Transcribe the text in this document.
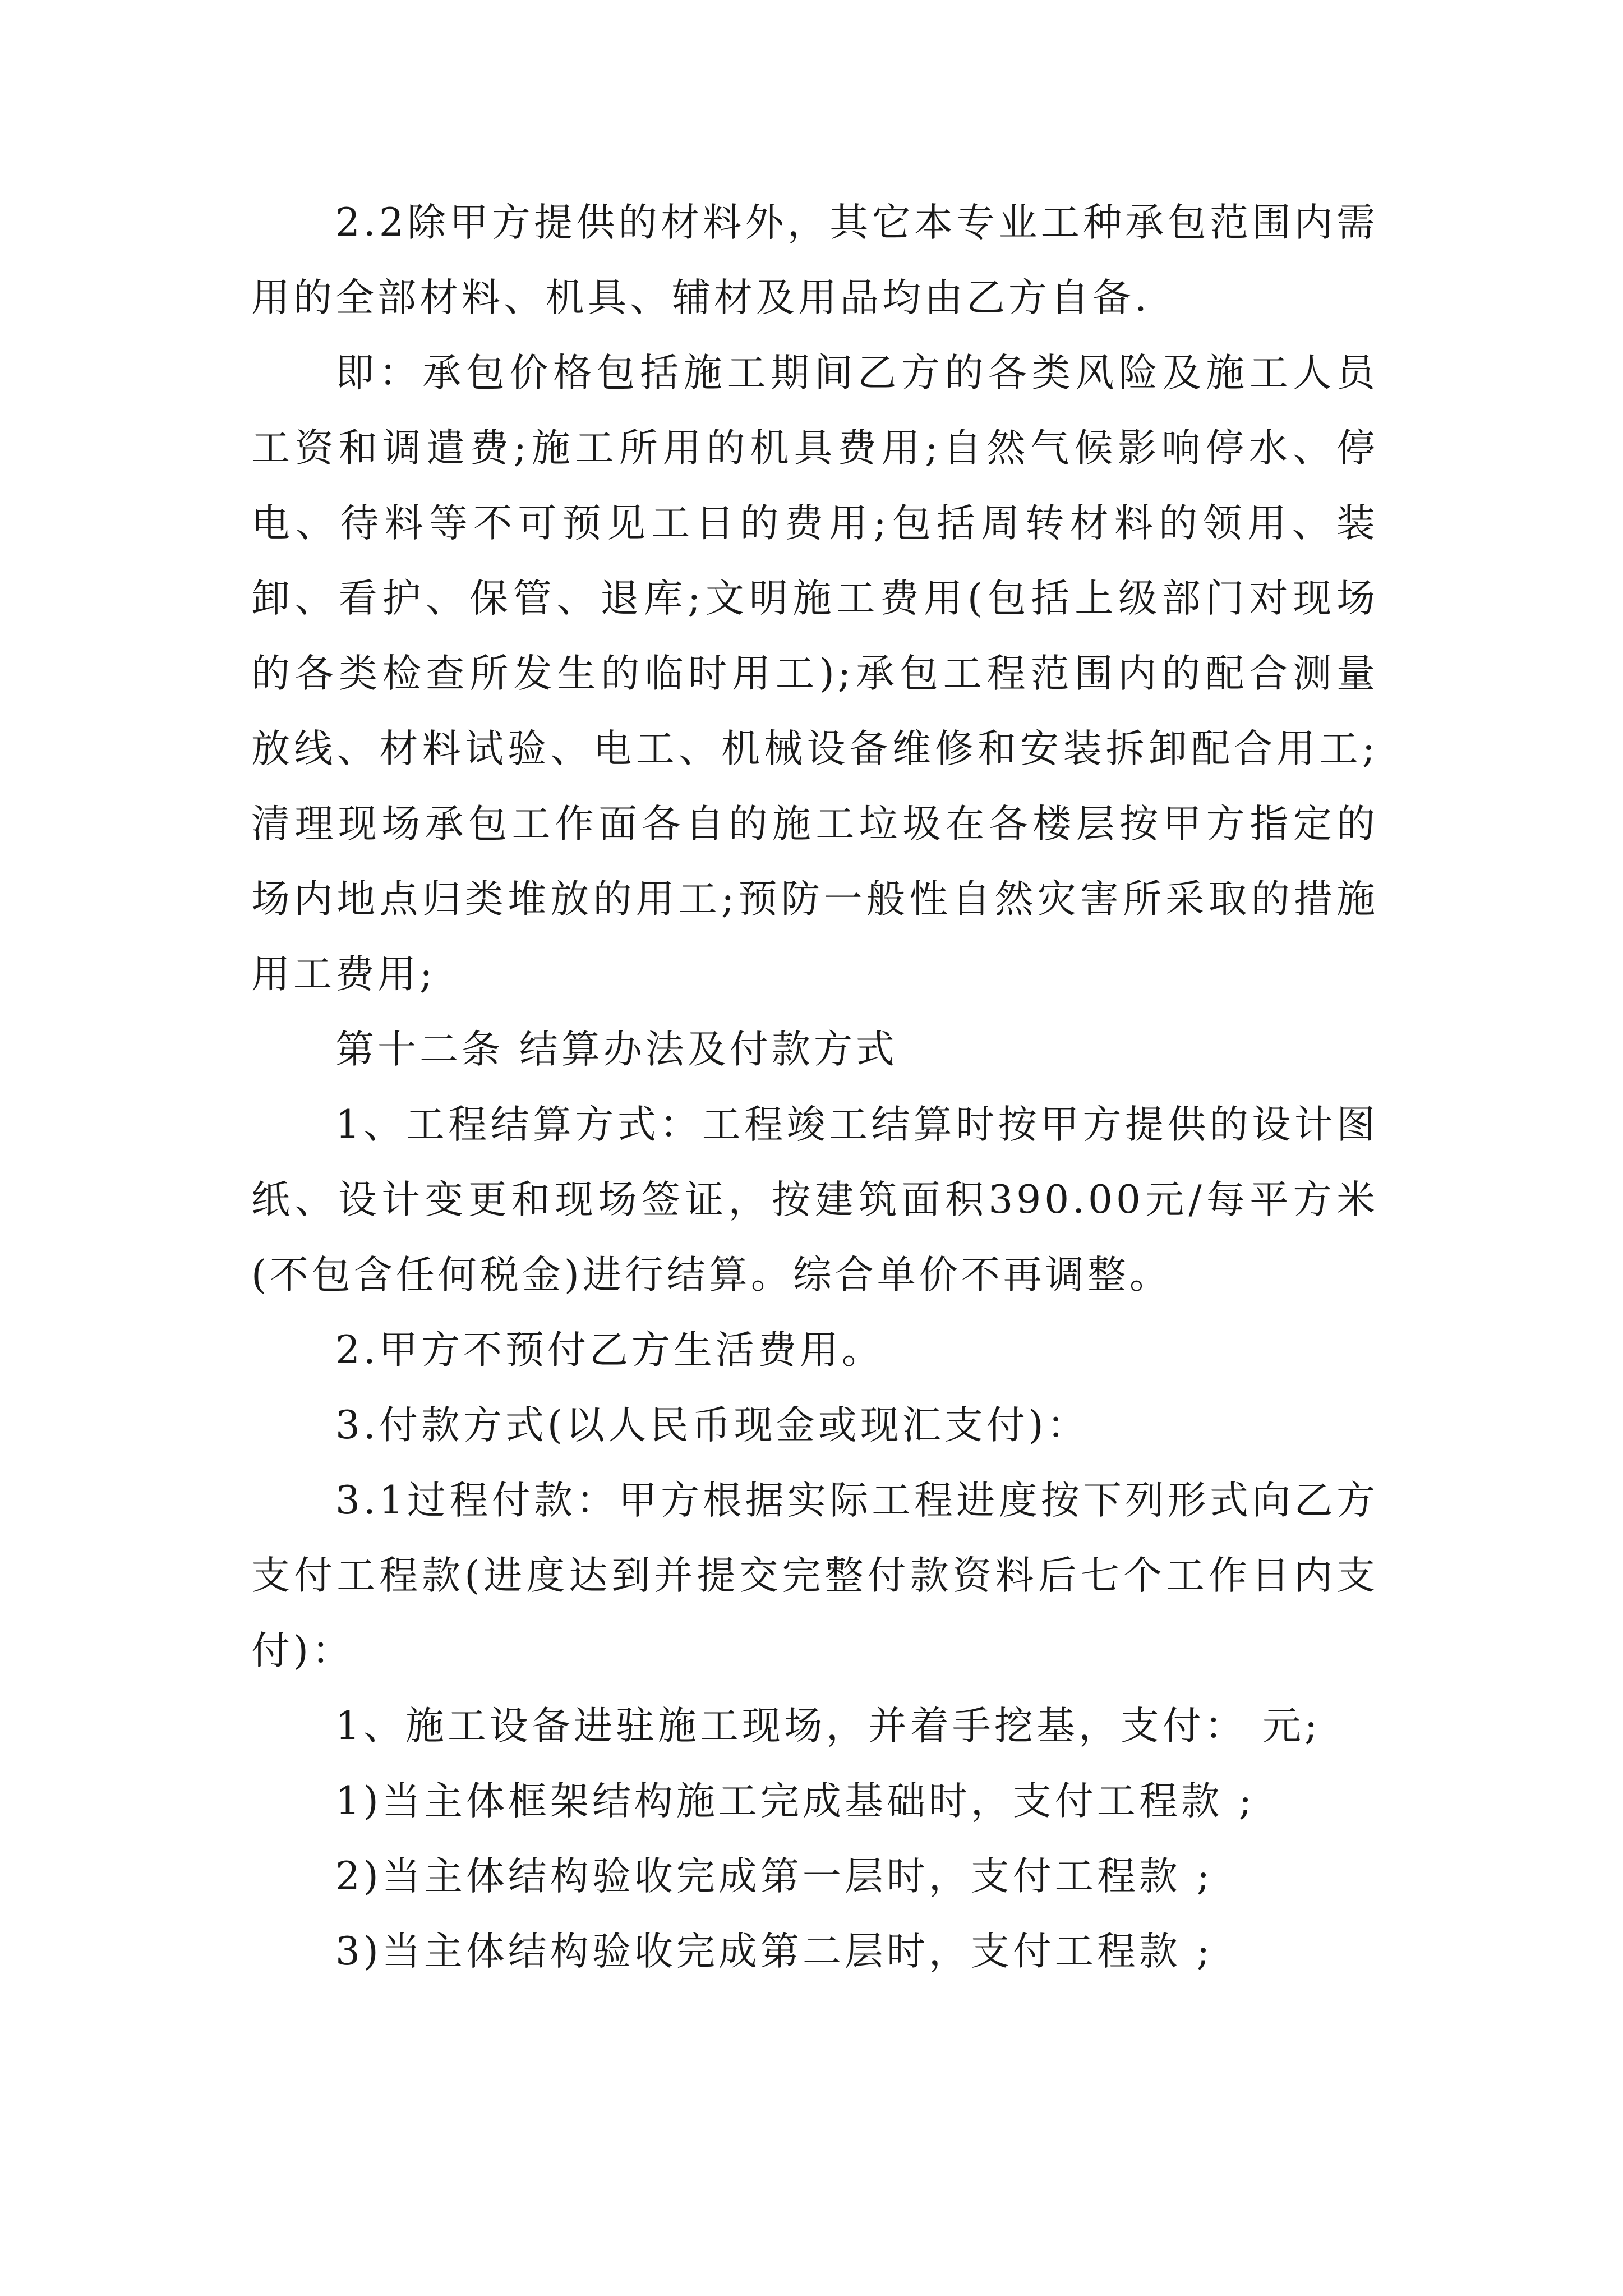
2.2除甲方提供的材料外，其它本专业工种承包范围内需用的全部材料、机具、辅材及用品均由乙方自备.

即：承包价格包括施工期间乙方的各类风险及施工人员工资和调遣费;施工所用的机具费用;自然气候影响停水、停电、待料等不可预见工日的费用;包括周转材料的领用、装卸、看护、保管、退库;文明施工费用(包括上级部门对现场的各类检查所发生的临时用工);承包工程范围内的配合测量放线、材料试验、电工、机械设备维修和安装拆卸配合用工;清理现场承包工作面各自的施工垃圾在各楼层按甲方指定的场内地点归类堆放的用工;预防一般性自然灾害所采取的措施用工费用;

第十二条 结算办法及付款方式

1、工程结算方式：工程竣工结算时按甲方提供的设计图纸、设计变更和现场签证，按建筑面积390.00元/每平方米(不包含任何税金)进行结算。综合单价不再调整。

2.甲方不预付乙方生活费用。

3.付款方式(以人民币现金或现汇支付)：

3.1过程付款：甲方根据实际工程进度按下列形式向乙方支付工程款(进度达到并提交完整付款资料后七个工作日内支付)：

1、施工设备进驻施工现场，并着手挖基，支付： 元;

1)当主体框架结构施工完成基础时，支付工程款 ;

2)当主体结构验收完成第一层时，支付工程款 ;

3)当主体结构验收完成第二层时，支付工程款 ;
